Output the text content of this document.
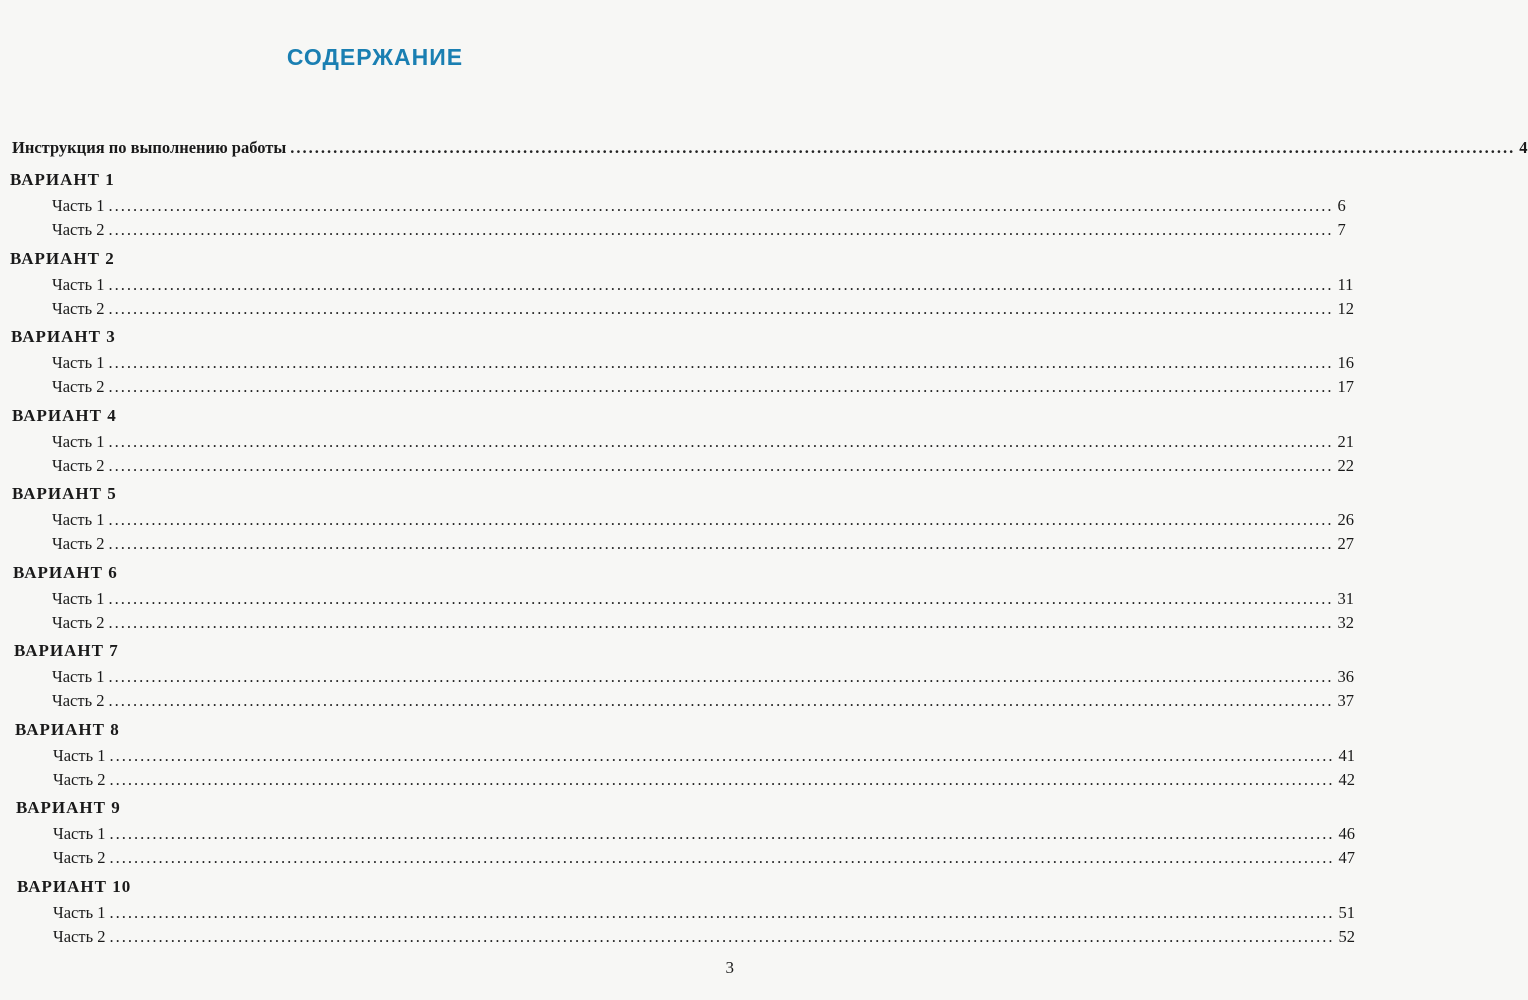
СОДЕРЖАНИЕ
Инструкция по выполнению работы ........................................................................................................................................................................................................ 4
ВАРИАНТ 1
Часть 1 ........................................................................................................................................................................................................ 6
Часть 2 ........................................................................................................................................................................................................ 7
ВАРИАНТ 2
Часть 1 ........................................................................................................................................................................................................ 11
Часть 2 ........................................................................................................................................................................................................ 12
ВАРИАНТ 3
Часть 1 ........................................................................................................................................................................................................ 16
Часть 2 ........................................................................................................................................................................................................ 17
ВАРИАНТ 4
Часть 1 ........................................................................................................................................................................................................ 21
Часть 2 ........................................................................................................................................................................................................ 22
ВАРИАНТ 5
Часть 1 ........................................................................................................................................................................................................ 26
Часть 2 ........................................................................................................................................................................................................ 27
ВАРИАНТ 6
Часть 1 ........................................................................................................................................................................................................ 31
Часть 2 ........................................................................................................................................................................................................ 32
ВАРИАНТ 7
Часть 1 ........................................................................................................................................................................................................ 36
Часть 2 ........................................................................................................................................................................................................ 37
ВАРИАНТ 8
Часть 1 ........................................................................................................................................................................................................ 41
Часть 2 ........................................................................................................................................................................................................ 42
ВАРИАНТ 9
Часть 1 ........................................................................................................................................................................................................ 46
Часть 2 ........................................................................................................................................................................................................ 47
ВАРИАНТ 10
Часть 1 ........................................................................................................................................................................................................ 51
Часть 2 ........................................................................................................................................................................................................ 52
3
